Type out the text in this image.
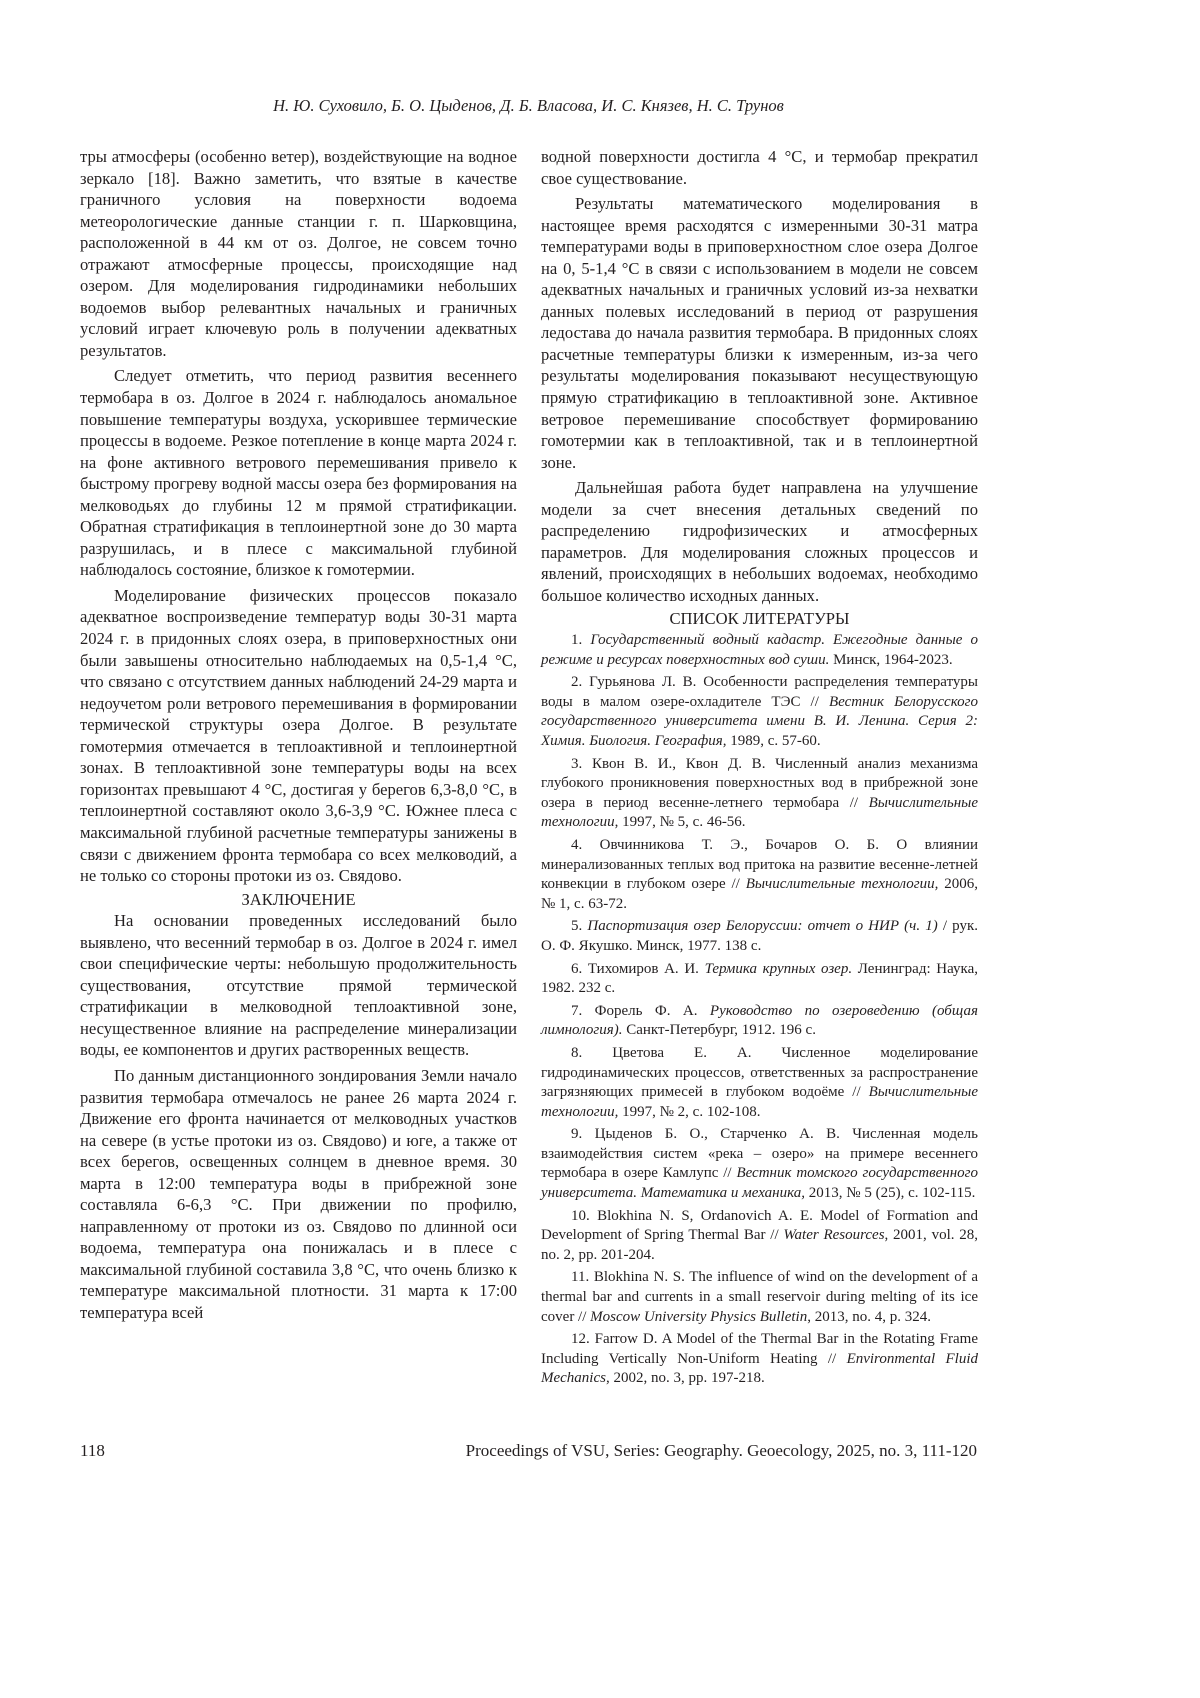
Н. Ю. Суховило, Б. О. Цыденов, Д. Б. Власова, И. С. Князев, Н. С. Трунов

тры атмосферы (особенно ветер), воздействующие на водное зеркало [18]. Важно заметить, что взятые в качестве граничного условия на поверхности водоема метеорологические данные станции г. п. Шарковщина, расположенной в 44 км от оз. Долгое, не совсем точно отражают атмосферные процессы, происходящие над озером. Для моделирования гидродинамики небольших водоемов выбор релевантных начальных и граничных условий играет ключевую роль в получении адекватных результатов.

Следует отметить, что период развития весеннего термобара в оз. Долгое в 2024 г. наблюдалось аномальное повышение температуры воздуха, ускорившее термические процессы в водоеме. Резкое потепление в конце марта 2024 г. на фоне активного ветрового перемешивания привело к быстрому прогреву водной массы озера без формирования на мелководьях до глубины 12 м прямой стратификации. Обратная стратификация в теплоинертной зоне до 30 марта разрушилась, и в плесе с максимальной глубиной наблюдалось состояние, близкое к гомотермии.

Моделирование физических процессов показало адекватное воспроизведение температур воды 30-31 марта 2024 г. в придонных слоях озера, в приповерхностных они были завышены относительно наблюдаемых на 0,5-1,4 °С, что связано с отсутствием данных наблюдений 24-29 марта и недоучетом роли ветрового перемешивания в формировании термической структуры озера Долгое. В результате гомотермия отмечается в теплоактивной и теплоинертной зонах. В теплоактивной зоне температуры воды на всех горизонтах превышают 4 °С, достигая у берегов 6,3-8,0 °С, в теплоинертной составляют около 3,6-3,9 °С. Южнее плеса с максимальной глубиной расчетные температуры занижены в связи с движением фронта термобара со всех мелководий, а не только со стороны протоки из оз. Свядово.

ЗАКЛЮЧЕНИЕ

На основании проведенных исследований было выявлено, что весенний термобар в оз. Долгое в 2024 г. имел свои специфические черты: небольшую продолжительность существования, отсутствие прямой термической стратификации в мелководной теплоактивной зоне, несущественное влияние на распределение минерализации воды, ее компонентов и других растворенных веществ.

По данным дистанционного зондирования Земли начало развития термобара отмечалось не ранее 26 марта 2024 г. Движение его фронта начинается от мелководных участков на севере (в устье протоки из оз. Свядово) и юге, а также от всех берегов, освещенных солнцем в дневное время. 30 марта в 12:00 температура воды в прибрежной зоне составляла 6-6,3 °С. При движении по профилю, направленному от протоки из оз. Свядово по длинной оси водоема, температура она понижалась и в плесе с максимальной глубиной составила 3,8 °С, что очень близко к температуре максимальной плотности. 31 марта к 17:00 температура всей

водной поверхности достигла 4 °С, и термобар прекратил свое существование.

Результаты математического моделирования в настоящее время расходятся с измеренными 30-31 матра температурами воды в приповерхностном слое озера Долгое на 0, 5-1,4 °С в связи с использованием в модели не совсем адекватных начальных и граничных условий из-за нехватки данных полевых исследований в период от разрушения ледостава до начала развития термобара. В придонных слоях расчетные температуры близки к измеренным, из-за чего результаты моделирования показывают несуществующую прямую стратификацию в теплоактивной зоне. Активное ветровое перемешивание способствует формированию гомотермии как в теплоактивной, так и в теплоинертной зоне.

Дальнейшая работа будет направлена на улучшение модели за счет внесения детальных сведений по распределению гидрофизических и атмосферных параметров. Для моделирования сложных процессов и явлений, происходящих в небольших водоемах, необходимо большое количество исходных данных.

СПИСОК ЛИТЕРАТУРЫ
1. Государственный водный кадастр. Ежегодные данные о режиме и ресурсах поверхностных вод суши. Минск, 1964-2023.
2. Гурьянова Л. В. Особенности распределения температуры воды в малом озере-охладителе ТЭС // Вестник Белорусского государственного университета имени В. И. Ленина. Серия 2: Химия. Биология. География, 1989, с. 57-60.
3. Квон В. И., Квон Д. В. Численный анализ механизма глубокого проникновения поверхностных вод в прибрежной зоне озера в период весенне-летнего термобара // Вычислительные технологии, 1997, № 5, с. 46-56.
4. Овчинникова Т. Э., Бочаров О. Б. О влиянии минерализованных теплых вод притока на развитие весенне-летней конвекции в глубоком озере // Вычислительные технологии, 2006, № 1, с. 63-72.
5. Паспортизация озер Белоруссии: отчет о НИР (ч. 1) / рук. О. Ф. Якушко. Минск, 1977. 138 с.
6. Тихомиров А. И. Термика крупных озер. Ленинград: Наука, 1982. 232 с.
7. Форель Ф. А. Руководство по озероведению (общая лимнология). Санкт-Петербург, 1912. 196 с.
8. Цветова Е. А. Численное моделирование гидродинамических процессов, ответственных за распространение загрязняющих примесей в глубоком водоёме // Вычислительные технологии, 1997, № 2, с. 102-108.
9. Цыденов Б. О., Старченко А. В. Численная модель взаимодействия систем «река – озеро» на примере весеннего термобара в озере Камлупс // Вестник томского государственного университета. Математика и механика, 2013, № 5 (25), с. 102-115.
10. Blokhina N. S, Ordanovich A. E. Model of Formation and Development of Spring Thermal Bar // Water Resources, 2001, vol. 28, no. 2, pp. 201-204.
11. Blokhina N. S. The influence of wind on the development of a thermal bar and currents in a small reservoir during melting of its ice cover // Moscow University Physics Bulletin, 2013, no. 4, p. 324.
12. Farrow D. A Model of the Thermal Bar in the Rotating Frame Including Vertically Non-Uniform Heating // Environmental Fluid Mechanics, 2002, no. 3, pp. 197-218.
118	Proceedings of VSU, Series: Geography. Geoecology, 2025, no. 3, 111-120
